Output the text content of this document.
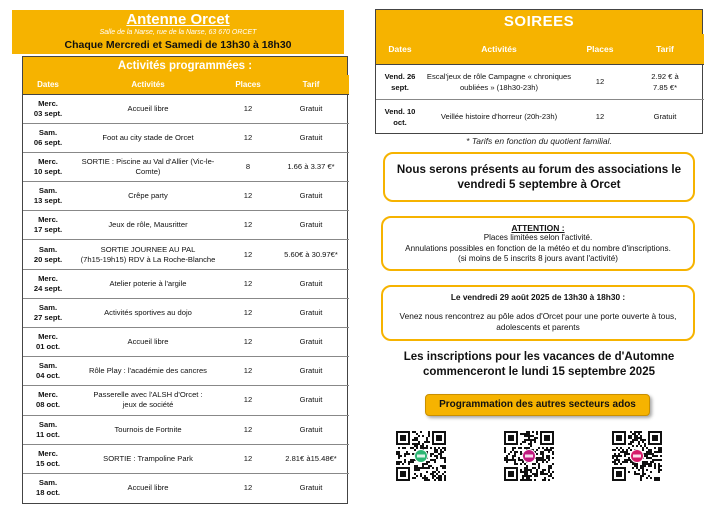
Antenne Orcet
Salle de la Narse, rue de la Narse, 63 670 ORCET
Chaque Mercredi et Samedi de 13h30 à 18h30
Activités programmées :
Dates	Activités	Places	Tarif
Merc.
03 sept.	Accueil libre	12	Gratuit
Sam.
06 sept.	Foot au city stade de Orcet	12	Gratuit
Merc.
10 sept.	SORTIE : Piscine au Val d'Allier (Vic-le-Comte)	8	1.66 à 3.37 €*
Sam.
13 sept.	Crêpe party	12	Gratuit
Merc.
17 sept.	Jeux de rôle, Mausritter	12	Gratuit
Sam.
20 sept.	SORTIE JOURNEE AU PAL
(7h15-19h15) RDV à La Roche-Blanche	12	5.60€ à 30.97€*
Merc.
24 sept.	Atelier poterie à l'argile	12	Gratuit
Sam.
27 sept.	Activités sportives au dojo	12	Gratuit
Merc.
01 oct.	Accueil libre	12	Gratuit
Sam.
04 oct.	Rôle Play : l'académie des cancres	12	Gratuit
Merc.
08 oct.	Passerelle avec l'ALSH d'Orcet :
jeux de société	12	Gratuit
Sam.
11 oct.	Tournois de Fortnite	12	Gratuit
Merc.
15 oct.	SORTIE : Trampoline Park	12	2.81€ à15.48€*
Sam.
18 oct.	Accueil libre	12	Gratuit
SOIREES
Dates	Activités	Places	Tarif
Vend. 26
sept.	Escal'jeux de rôle Campagne « chroniques
oubliées » (18h30-23h)	12	2.92 € à
7.85 €*
Vend. 10
oct.	Veillée histoire d'horreur (20h-23h)	12	Gratuit
* Tarifs en fonction du quotient familial.

Nous serons présents au forum des associations le
vendredi 5 septembre à Orcet

ATTENTION :
Places limitées selon l'activité.
Annulations possibles en fonction de la météo et du nombre d'inscriptions.
(si moins de 5 inscrits 8 jours avant l'activité)
Le vendredi 29 août 2025 de 13h30 à 18h30 :
Venez nous rencontrez au pôle ados d'Orcet pour une porte ouverte à tous,
adolescents et parents
Les inscriptions pour les vacances de d'Automne
commenceront le lundi 15 septembre 2025
Programmation des autres secteurs ados
